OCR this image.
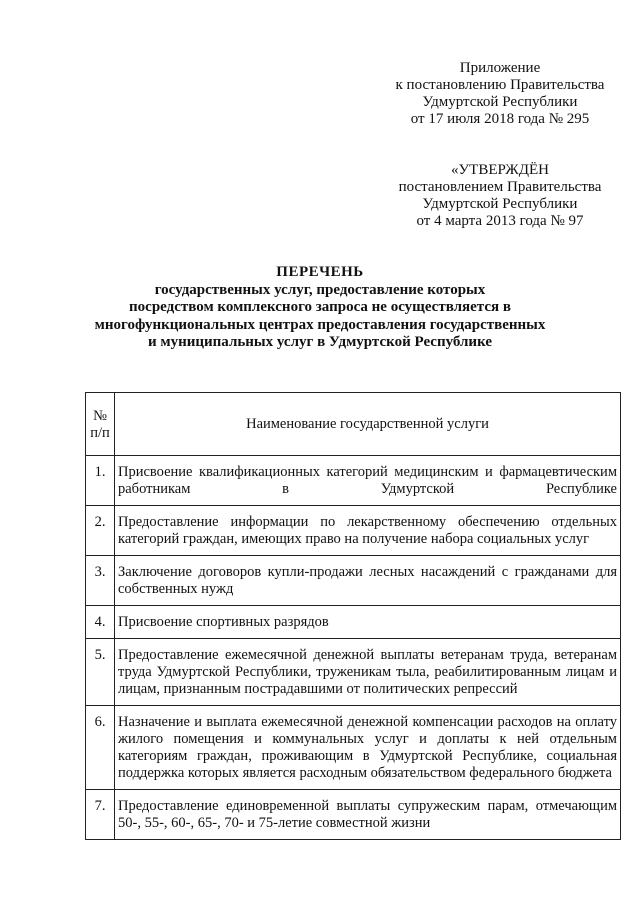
Приложение
к постановлению Правительства
Удмуртской Республики
от 17 июля 2018 года № 295
«УТВЕРЖДЁН
постановлением Правительства
Удмуртской Республики
от 4 марта 2013 года № 97
ПЕРЕЧЕНЬ
государственных услуг, предоставление которых
посредством комплексного запроса не осуществляется в
многофункциональных центрах предоставления государственных
и муниципальных услуг в Удмуртской Республике
№ п/п	Наименование государственной услуги

1.	Присвоение квалификационных категорий медицинским и фармацевтическим работникам в Удмуртской Республике

2.	Предоставление информации по лекарственному обеспечению отдельных категорий граждан, имеющих право на получение набора социальных услуг

3.	Заключение договоров купли-продажи лесных насаждений с гражданами для собственных нужд

4.	Присвоение спортивных разрядов

5.	Предоставление ежемесячной денежной выплаты ветеранам труда, ветеранам труда Удмуртской Республики, труженикам тыла, реабилитированным лицам и лицам, признанным пострадавшими от политических репрессий

6.	Назначение и выплата ежемесячной денежной компенсации расходов на оплату жилого помещения и коммунальных услуг и доплаты к ней отдельным категориям граждан, проживающим в Удмуртской Республике, социальная поддержка которых является расходным обязательством федерального бюджета

7.	Предоставление единовременной выплаты супружеским парам, отмечающим 50-, 55-, 60-, 65-, 70- и 75-летие совместной жизни
